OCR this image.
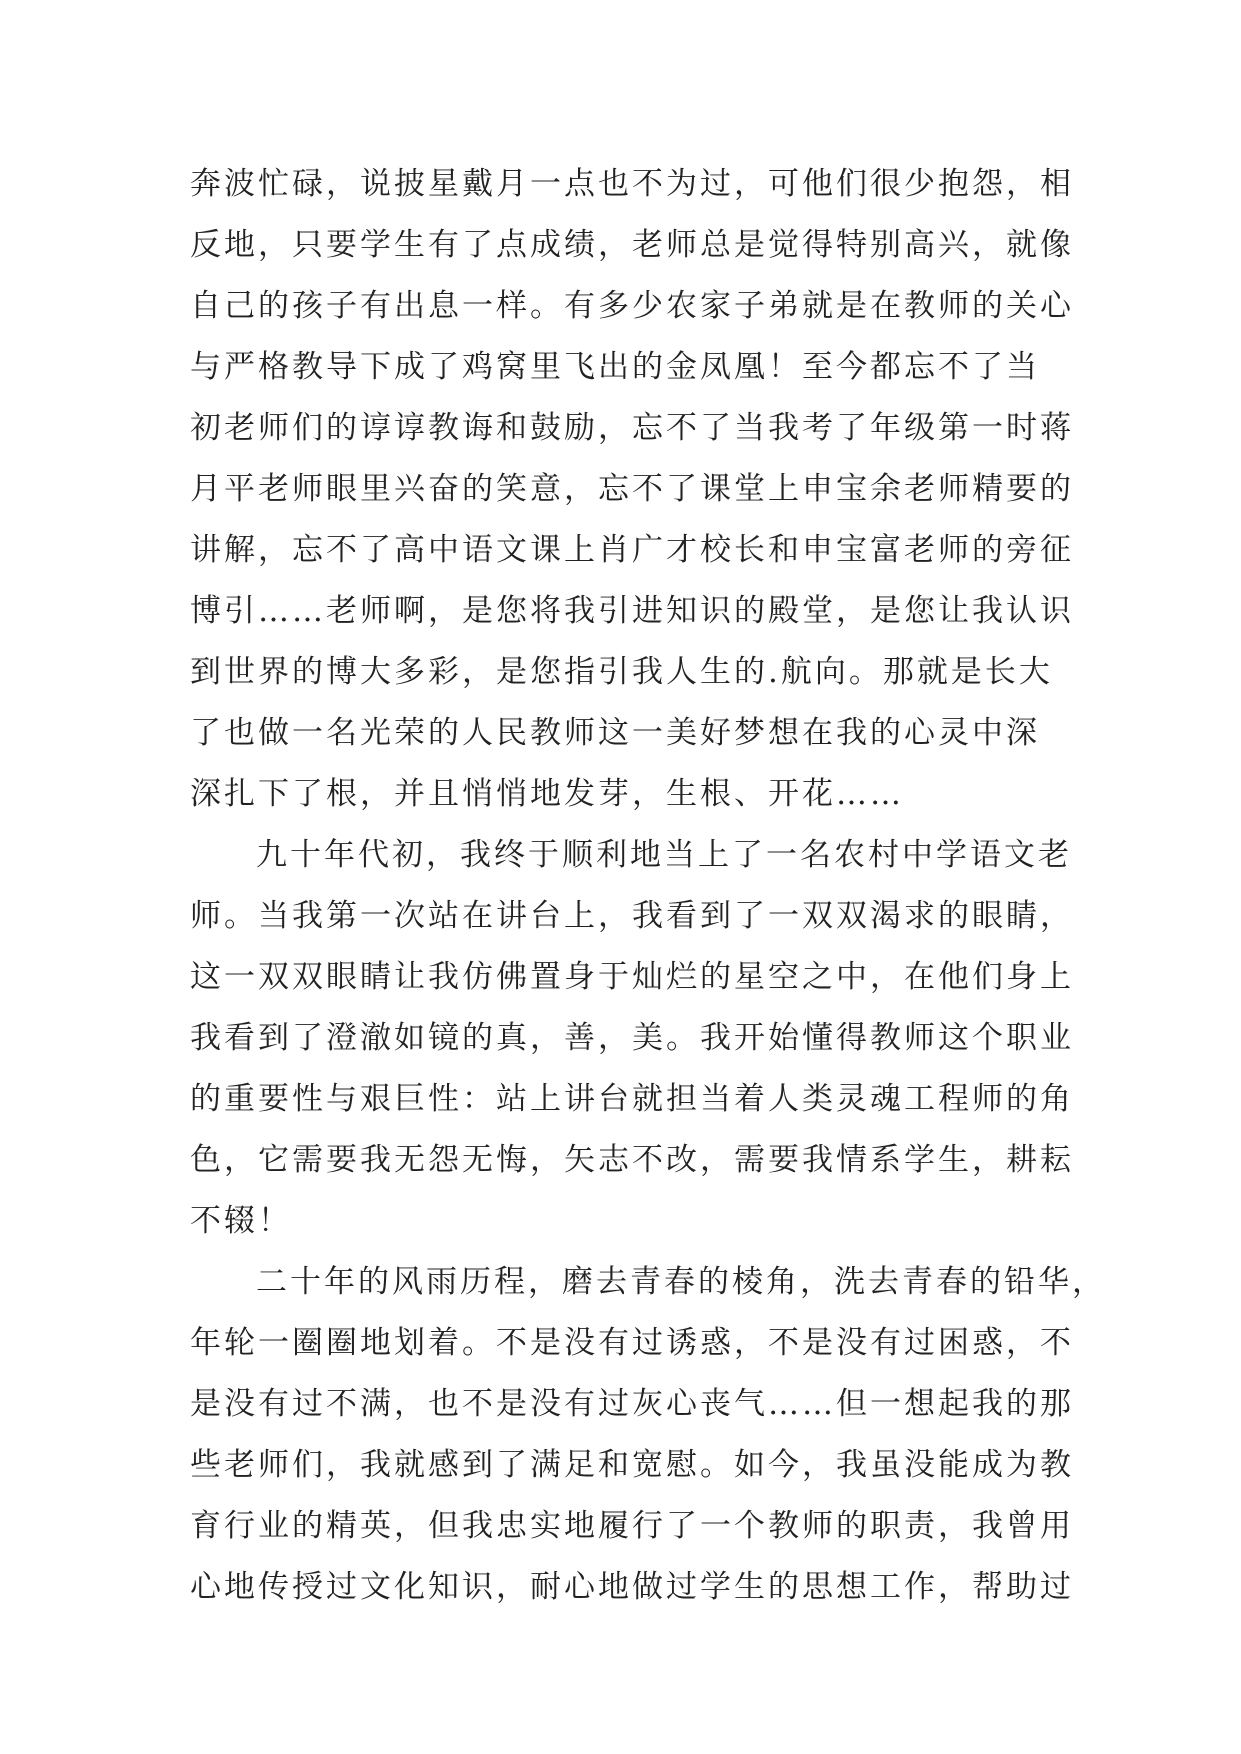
奔波忙碌，说披星戴月一点也不为过，可他们很少抱怨，相
反地，只要学生有了点成绩，老师总是觉得特别高兴，就像
自己的孩子有出息一样。有多少农家子弟就是在教师的关心
与严格教导下成了鸡窝里飞出的金凤凰！至今都忘不了当
初老师们的谆谆教诲和鼓励，忘不了当我考了年级第一时蒋
月平老师眼里兴奋的笑意，忘不了课堂上申宝余老师精要的
讲解，忘不了高中语文课上肖广才校长和申宝富老师的旁征
博引……老师啊，是您将我引进知识的殿堂，是您让我认识
到世界的博大多彩，是您指引我人生的.航向。那就是长大
了也做一名光荣的人民教师这一美好梦想在我的心灵中深
深扎下了根，并且悄悄地发芽，生根、开花……
九十年代初，我终于顺利地当上了一名农村中学语文老
师。当我第一次站在讲台上，我看到了一双双渴求的眼睛，
这一双双眼睛让我仿佛置身于灿烂的星空之中，在他们身上
我看到了澄澈如镜的真，善，美。我开始懂得教师这个职业
的重要性与艰巨性：站上讲台就担当着人类灵魂工程师的角
色，它需要我无怨无悔，矢志不改，需要我情系学生，耕耘
不辍！
二十年的风雨历程，磨去青春的棱角，洗去青春的铅华，
年轮一圈圈地划着。不是没有过诱惑，不是没有过困惑，不
是没有过不满，也不是没有过灰心丧气……但一想起我的那
些老师们，我就感到了满足和宽慰。如今，我虽没能成为教
育行业的精英，但我忠实地履行了一个教师的职责，我曾用
心地传授过文化知识，耐心地做过学生的思想工作，帮助过
